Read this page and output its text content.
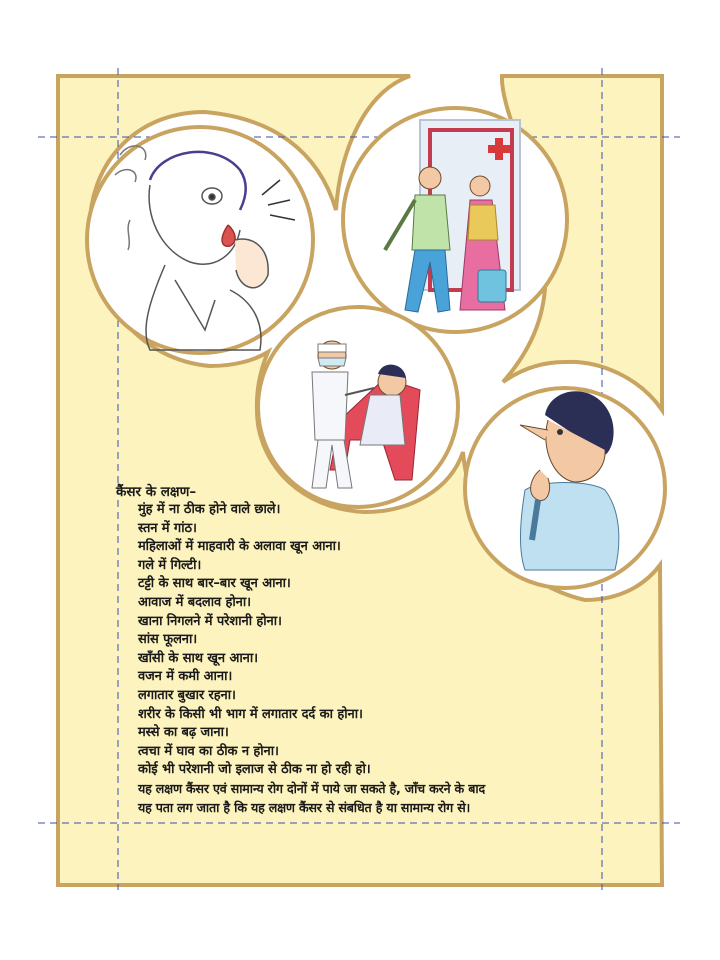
कैंसर के लक्षण–

मुंह में ना ठीक होने वाले छाले।
स्तन में गांठ।
महिलाओं में माहवारी के अलावा खून आना।
गले में गिल्टी।
टट्टी के साथ बार–बार खून आना।
आवाज में बदलाव होना।
खाना निगलने में परेशानी होना।
सांस फूलना।
खॉंसी के साथ खून आना।
वजन में कमी आना।
लगातार बुखार रहना।
शरीर के किसी भी भाग में लगातार दर्द का होना।
मस्से का बढ़ जाना।
त्वचा में घाव का ठीक न होना।
कोई भी परेशानी जो इलाज से ठीक ना हो रही हो।
यह लक्षण कैंसर एवं सामान्य रोग दोनों में पाये जा सकते है, जाँच करने के बाद
यह पता लग जाता है कि यह लक्षण कैंसर से संबधित है या सामान्य रोग से।
